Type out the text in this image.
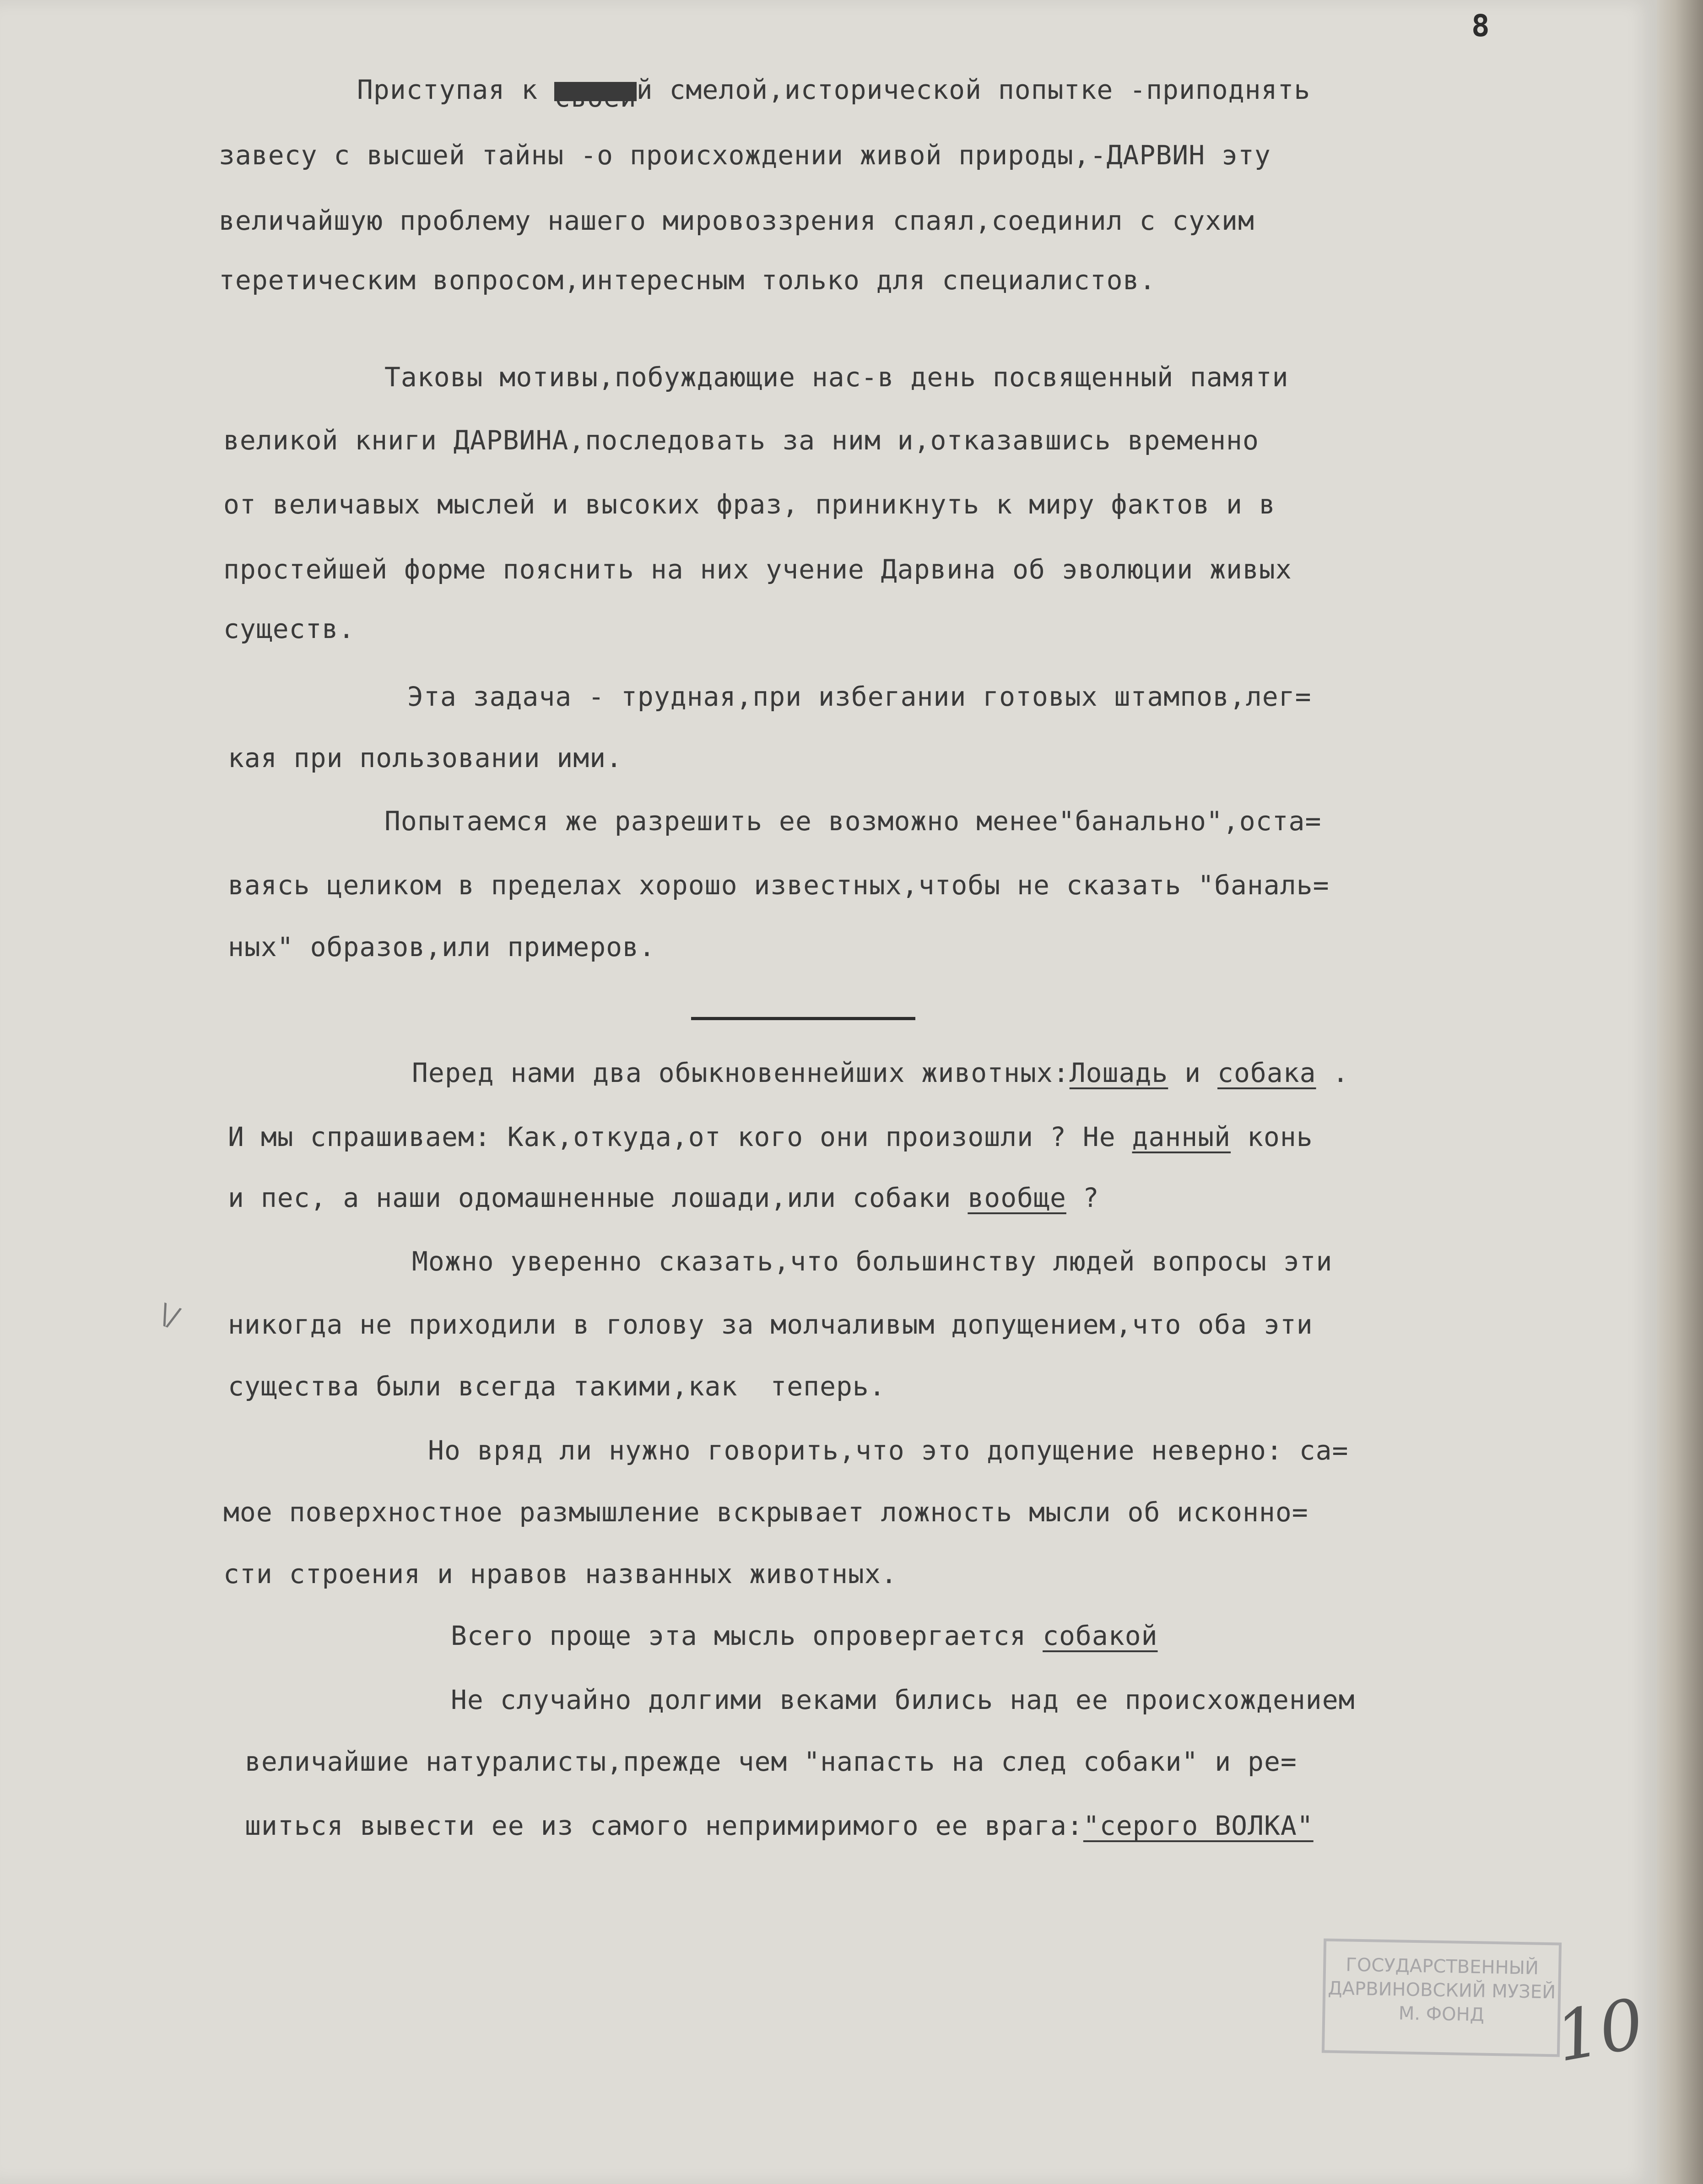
8
Приступая к своейй смелой,исторической попытке -приподнять
завесу с высшей тайны -о происхождении живой природы,-ДАРВИН эту
величайшую проблему нашего мировоззрения спаял,соединил с сухим
теретическим вопросом,интересным только для специалистов.
Таковы мотивы,побуждающие нас-в день посвященный памяти
великой книги ДАРВИНА,последовать за ним и,отказавшись временно
от величавых мыслей и высоких фраз, приникнуть к миру фактов и в
простейшей форме пояснить на них учение Дарвина об эволюции живых
существ.
Эта задача - трудная,при избегании готовых штампов,лег=
кая при пользовании ими.
Попытаемся же разрешить ее возможно менее"банально",оста=
ваясь целиком в пределах хорошо известных,чтобы не сказать "баналь=
ных" образов,или примеров.
Перед нами два обыкновеннейших животных:Лошадь и собака .
И мы спрашиваем: Как,откуда,от кого они произошли ? Не данный конь
и пес, а наши одомашненные лошади,или собаки вообще ?
Можно уверенно сказать,что большинству людей вопросы эти
никогда не приходили в голову за молчаливым допущением,что оба эти
существа были всегда такими,как  теперь.
Но вряд ли нужно говорить,что это допущение неверно: са=
мое поверхностное размышление вскрывает ложность мысли об исконно=
сти строения и нравов названных животных.
Всего проще эта мысль опровергается собакой
Не случайно долгими веками бились над ее происхождением
величайшие натуралисты,прежде чем "напасть на след собаки" и ре=
шиться вывести ее из самого непримиримого ее врага:"серого ВОЛКА"
\/
ГОСУДАРСТВЕННЫЙ
ДАРВИНОВСКИЙ МУЗЕЙ
М. ФОНД 10
